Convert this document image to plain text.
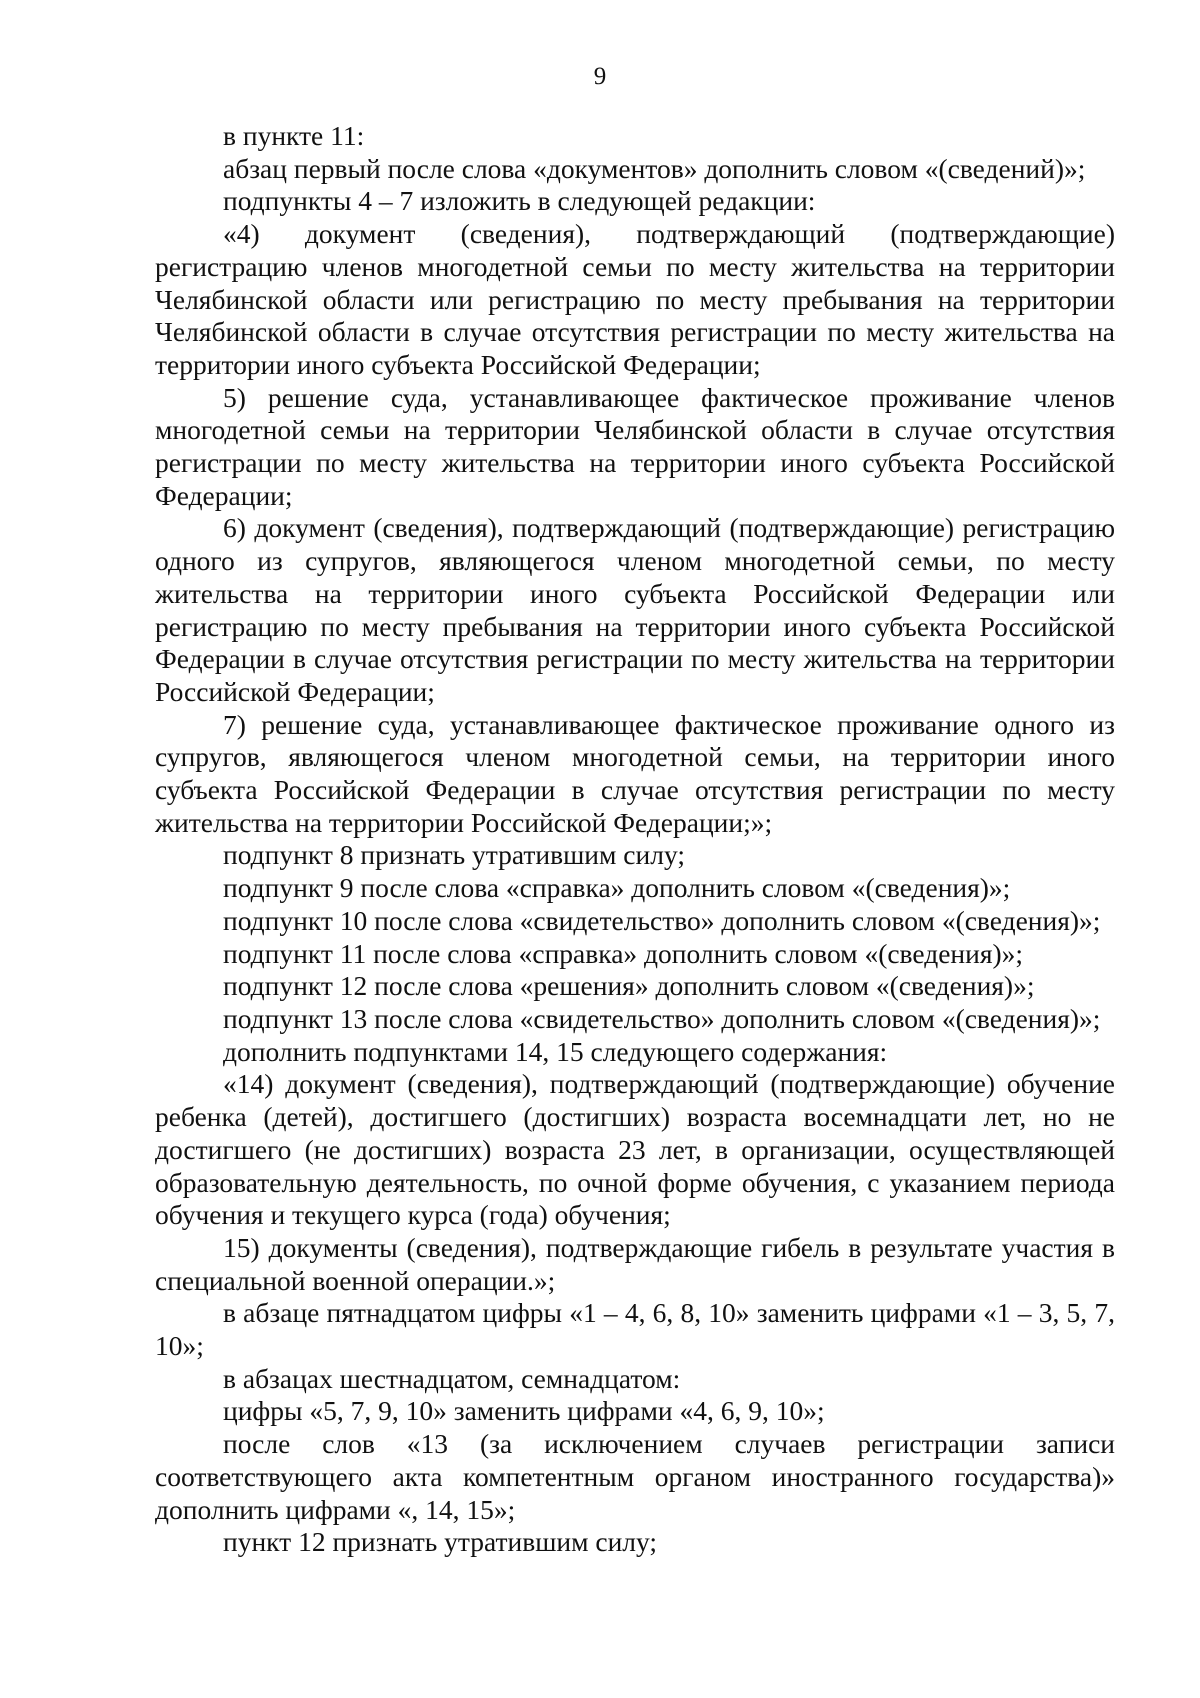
9

в пункте 11:

абзац первый после слова «документов» дополнить словом «(сведений)»;

подпункты 4 – 7 изложить в следующей редакции:

«4) документ (сведения), подтверждающий (подтверждающие) регистрацию членов многодетной семьи по месту жительства на территории Челябинской области или регистрацию по месту пребывания на территории Челябинской области в случае отсутствия регистрации по месту жительства на территории иного субъекта Российской Федерации;

5) решение суда, устанавливающее фактическое проживание членов многодетной семьи на территории Челябинской области в случае отсутствия регистрации по месту жительства на территории иного субъекта Российской Федерации;

6) документ (сведения), подтверждающий (подтверждающие) регистрацию одного из супругов, являющегося членом многодетной семьи, по месту жительства на территории иного субъекта Российской Федерации или регистрацию по месту пребывания на территории иного субъекта Российской Федерации в случае отсутствия регистрации по месту жительства на территории Российской Федерации;

7) решение суда, устанавливающее фактическое проживание одного из супругов, являющегося членом многодетной семьи, на территории иного субъекта Российской Федерации в случае отсутствия регистрации по месту жительства на территории Российской Федерации;»;

подпункт 8 признать утратившим силу;

подпункт 9 после слова «справка» дополнить словом «(сведения)»;

подпункт 10 после слова «свидетельство» дополнить словом «(сведения)»;

подпункт 11 после слова «справка» дополнить словом «(сведения)»;

подпункт 12 после слова «решения» дополнить словом «(сведения)»;

подпункт 13 после слова «свидетельство» дополнить словом «(сведения)»;

дополнить подпунктами 14, 15 следующего содержания:

«14) документ (сведения), подтверждающий (подтверждающие) обучение ребенка (детей), достигшего (достигших) возраста восемнадцати лет, но не достигшего (не достигших) возраста 23 лет, в организации, осуществляющей образовательную деятельность, по очной форме обучения, с указанием периода обучения и текущего курса (года) обучения;

15) документы (сведения), подтверждающие гибель в результате участия в специальной военной операции.»;

в абзаце пятнадцатом цифры «1 – 4, 6, 8, 10» заменить цифрами «1 – 3, 5, 7, 10»;

в абзацах шестнадцатом, семнадцатом:

цифры «5, 7, 9, 10» заменить цифрами «4, 6, 9, 10»;

после слов «13 (за исключением случаев регистрации записи соответствующего акта компетентным органом иностранного государства)» дополнить цифрами «, 14, 15»;

пункт 12 признать утратившим силу;
